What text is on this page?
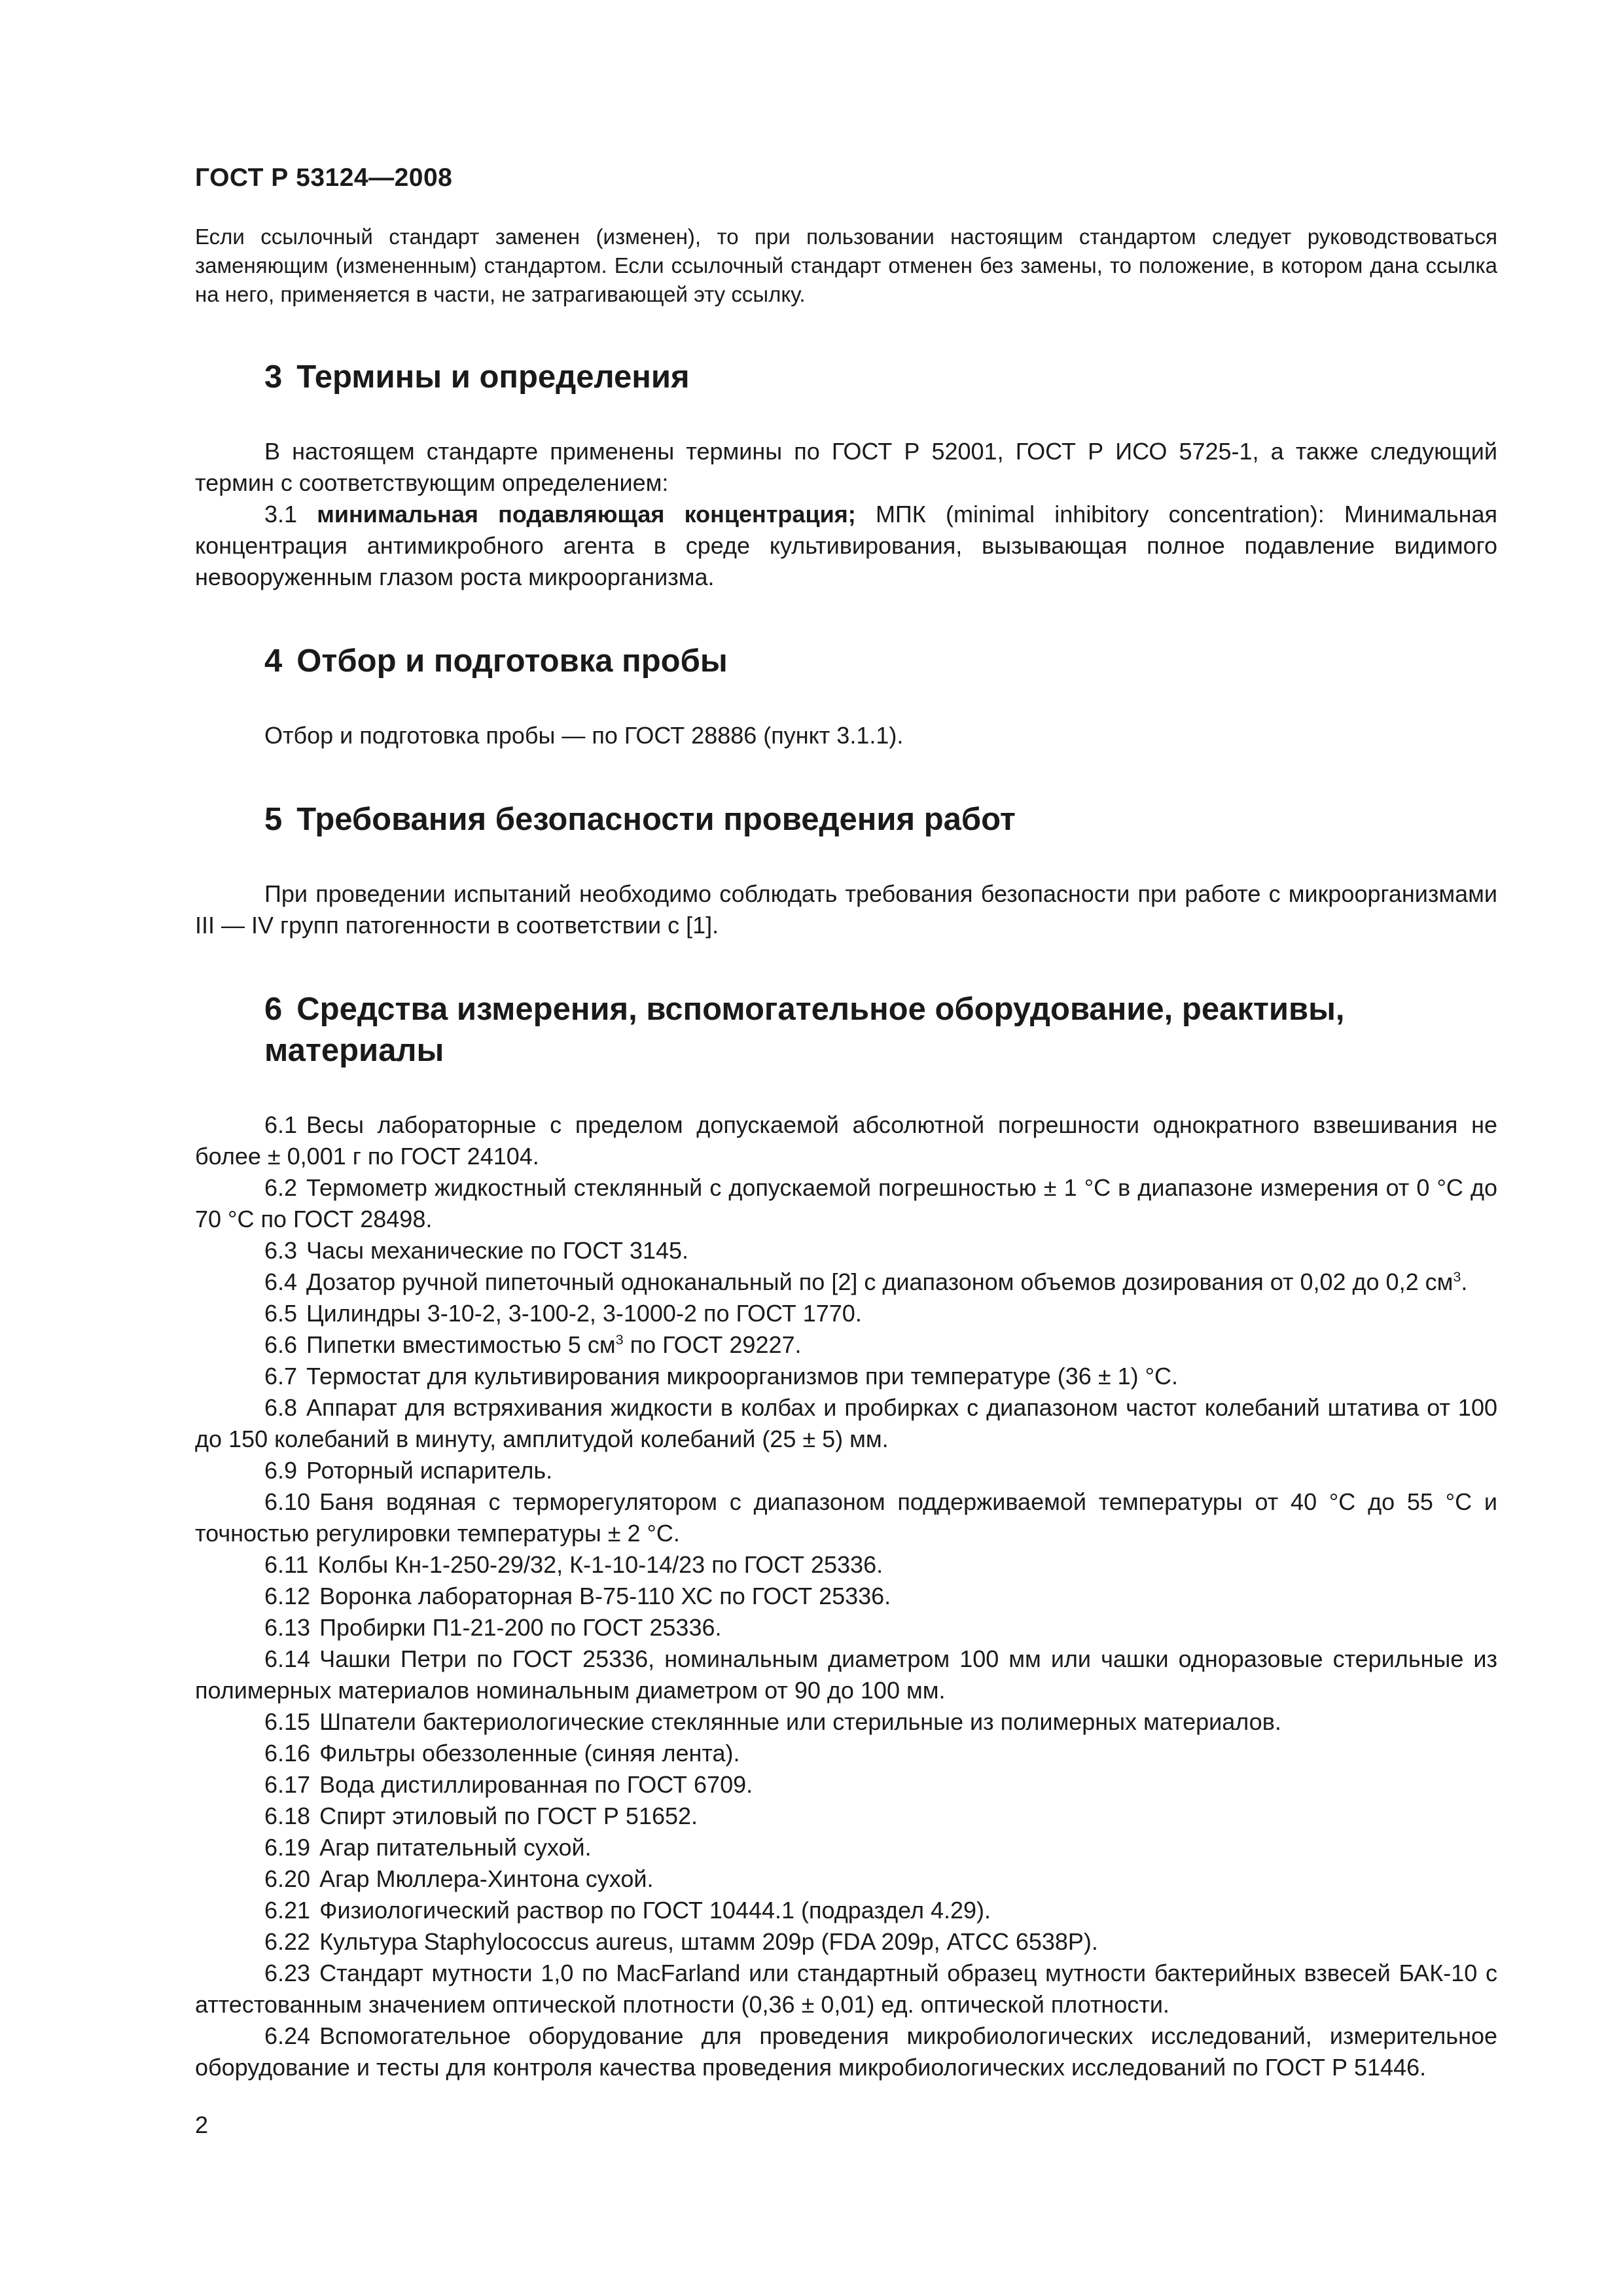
ГОСТ Р 53124—2008

Если ссылочный стандарт заменен (изменен), то при пользовании настоящим стандартом следует руководствоваться заменяющим (измененным) стандартом. Если ссылочный стандарт отменен без замены, то положение, в котором дана ссылка на него, применяется в части, не затрагивающей эту ссылку.

3 Термины и определения

В настоящем стандарте применены термины по ГОСТ Р 52001, ГОСТ Р ИСО 5725-1, а также следующий термин с соответствующим определением:

3.1 минимальная подавляющая концентрация; МПК (minimal inhibitory concentration): Минимальная концентрация антимикробного агента в среде культивирования, вызывающая полное подавление видимого невооруженным глазом роста микроорганизма.

4 Отбор и подготовка пробы

Отбор и подготовка пробы — по ГОСТ 28886 (пункт 3.1.1).

5 Требования безопасности проведения работ

При проведении испытаний необходимо соблюдать требования безопасности при работе с микроорганизмами III — IV групп патогенности в соответствии с [1].

6 Средства измерения, вспомогательное оборудование, реактивы, материалы

6.1 Весы лабораторные с пределом допускаемой абсолютной погрешности однократного взвешивания не более ± 0,001 г по ГОСТ 24104.

6.2 Термометр жидкостный стеклянный с допускаемой погрешностью ± 1 °С в диапазоне измерения от 0 °С до 70 °С по ГОСТ 28498.

6.3 Часы механические по ГОСТ 3145.

6.4 Дозатор ручной пипеточный одноканальный по [2] с диапазоном объемов дозирования от 0,02 до 0,2 $см^3$.

6.5 Цилиндры 3-10-2, 3-100-2, 3-1000-2 по ГОСТ 1770.

6.6 Пипетки вместимостью 5 $см^3$ по ГОСТ 29227.

6.7 Термостат для культивирования микроорганизмов при температуре (36 ± 1) °С.

6.8 Аппарат для встряхивания жидкости в колбах и пробирках с диапазоном частот колебаний штатива от 100 до 150 колебаний в минуту, амплитудой колебаний (25 ± 5) мм.

6.9 Роторный испаритель.

6.10 Баня водяная с терморегулятором с диапазоном поддерживаемой температуры от 40 °С до 55 °С и точностью регулировки температуры ± 2 °С.

6.11 Колбы Кн-1-250-29/32, К-1-10-14/23 по ГОСТ 25336.

6.12 Воронка лабораторная В-75-110 ХС по ГОСТ 25336.

6.13 Пробирки П1-21-200 по ГОСТ 25336.

6.14 Чашки Петри по ГОСТ 25336, номинальным диаметром 100 мм или чашки одноразовые стерильные из полимерных материалов номинальным диаметром от 90 до 100 мм.

6.15 Шпатели бактериологические стеклянные или стерильные из полимерных материалов.

6.16 Фильтры обеззоленные (синяя лента).

6.17 Вода дистиллированная по ГОСТ 6709.

6.18 Спирт этиловый по ГОСТ Р 51652.

6.19 Агар питательный сухой.

6.20 Агар Мюллера-Хинтона сухой.

6.21 Физиологический раствор по ГОСТ 10444.1 (подраздел 4.29).

6.22 Культура Staphylococcus aureus, штамм 209р (FDA 209р, АТСС 6538Р).

6.23 Стандарт мутности 1,0 по MacFarland или стандартный образец мутности бактерийных взвесей БАК-10 с аттестованным значением оптической плотности (0,36 ± 0,01) ед. оптической плотности.

6.24 Вспомогательное оборудование для проведения микробиологических исследований, измерительное оборудование и тесты для контроля качества проведения микробиологических исследований по ГОСТ Р 51446.

2
